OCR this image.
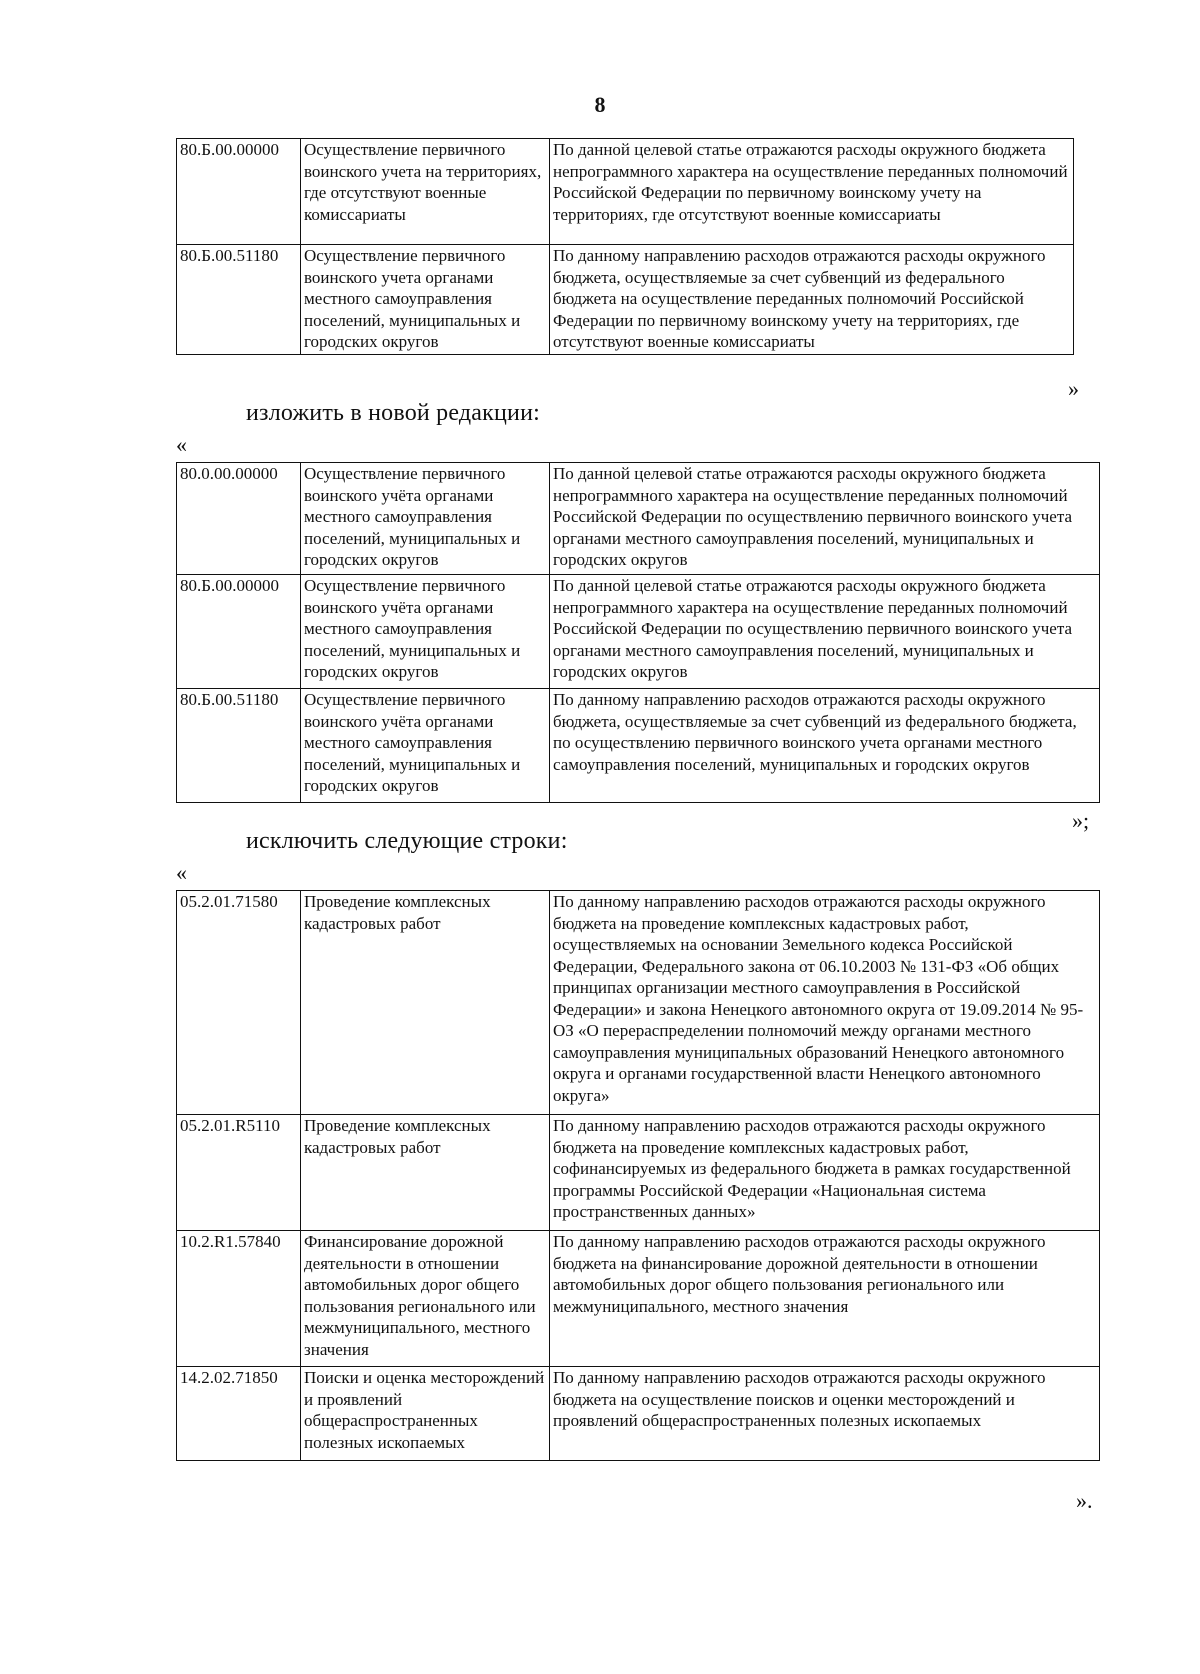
8
80.Б.00.00000	Осуществление первичного воинского учета на территориях, где отсутствуют военные комиссариаты	По данной целевой статье отражаются расходы окружного бюджета непрограммного характера на осуществление переданных полномочий Российской Федерации по первичному воинскому учету на территориях, где отсутствуют военные комиссариаты
80.Б.00.51180	Осуществление первичного воинского учета органами местного самоуправления поселений, муниципальных и городских округов	По данному направлению расходов отражаются расходы окружного бюджета, осуществляемые за счет субвенций из федерального бюджета на осуществление переданных полномочий Российской Федерации по первичному воинскому учету на территориях, где отсутствуют военные комиссариаты
»
изложить в новой редакции:
«
80.0.00.00000	Осуществление первичного воинского учёта органами местного самоуправления поселений, муниципальных и городских округов	По данной целевой статье отражаются расходы окружного бюджета непрограммного характера на осуществление переданных полномочий Российской Федерации по осуществлению первичного воинского учета органами местного самоуправления поселений, муниципальных и городских округов
80.Б.00.00000	Осуществление первичного воинского учёта органами местного самоуправления поселений, муниципальных и городских округов	По данной целевой статье отражаются расходы окружного бюджета непрограммного характера на осуществление переданных полномочий Российской Федерации по осуществлению первичного воинского учета органами местного самоуправления поселений, муниципальных и городских округов
80.Б.00.51180	Осуществление первичного воинского учёта органами местного самоуправления поселений, муниципальных и городских округов	По данному направлению расходов отражаются расходы окружного бюджета, осуществляемые за счет субвенций из федерального бюджета, по осуществлению первичного воинского учета органами местного самоуправления поселений, муниципальных и городских округов
»;
исключить следующие строки:
«
05.2.01.71580	Проведение комплексных кадастровых работ	По данному направлению расходов отражаются расходы окружного бюджета на проведение комплексных кадастровых работ, осуществляемых на основании Земельного кодекса Российской Федерации, Федерального закона от 06.10.2003 № 131-ФЗ «Об общих принципах организации местного самоуправления в Российской Федерации» и закона Ненецкого автономного округа от 19.09.2014 № 95-ОЗ «О перераспределении полномочий между органами местного самоуправления муниципальных образований Ненецкого автономного округа и органами государственной власти Ненецкого автономного округа»
05.2.01.R5110	Проведение комплексных кадастровых работ	По данному направлению расходов отражаются расходы окружного бюджета на проведение комплексных кадастровых работ, софинансируемых из федерального бюджета в рамках государственной программы Российской Федерации «Национальная система пространственных данных»
10.2.R1.57840	Финансирование дорожной деятельности в отношении автомобильных дорог общего пользования регионального или межмуниципального, местного значения	По данному направлению расходов отражаются расходы окружного бюджета на финансирование дорожной деятельности в отношении автомобильных дорог общего пользования регионального или межмуниципального, местного значения
14.2.02.71850	Поиски и оценка месторождений и проявлений общераспространенных полезных ископаемых	По данному направлению расходов отражаются расходы окружного бюджета на осуществление поисков и оценки месторождений и проявлений общераспространенных полезных ископаемых
».
